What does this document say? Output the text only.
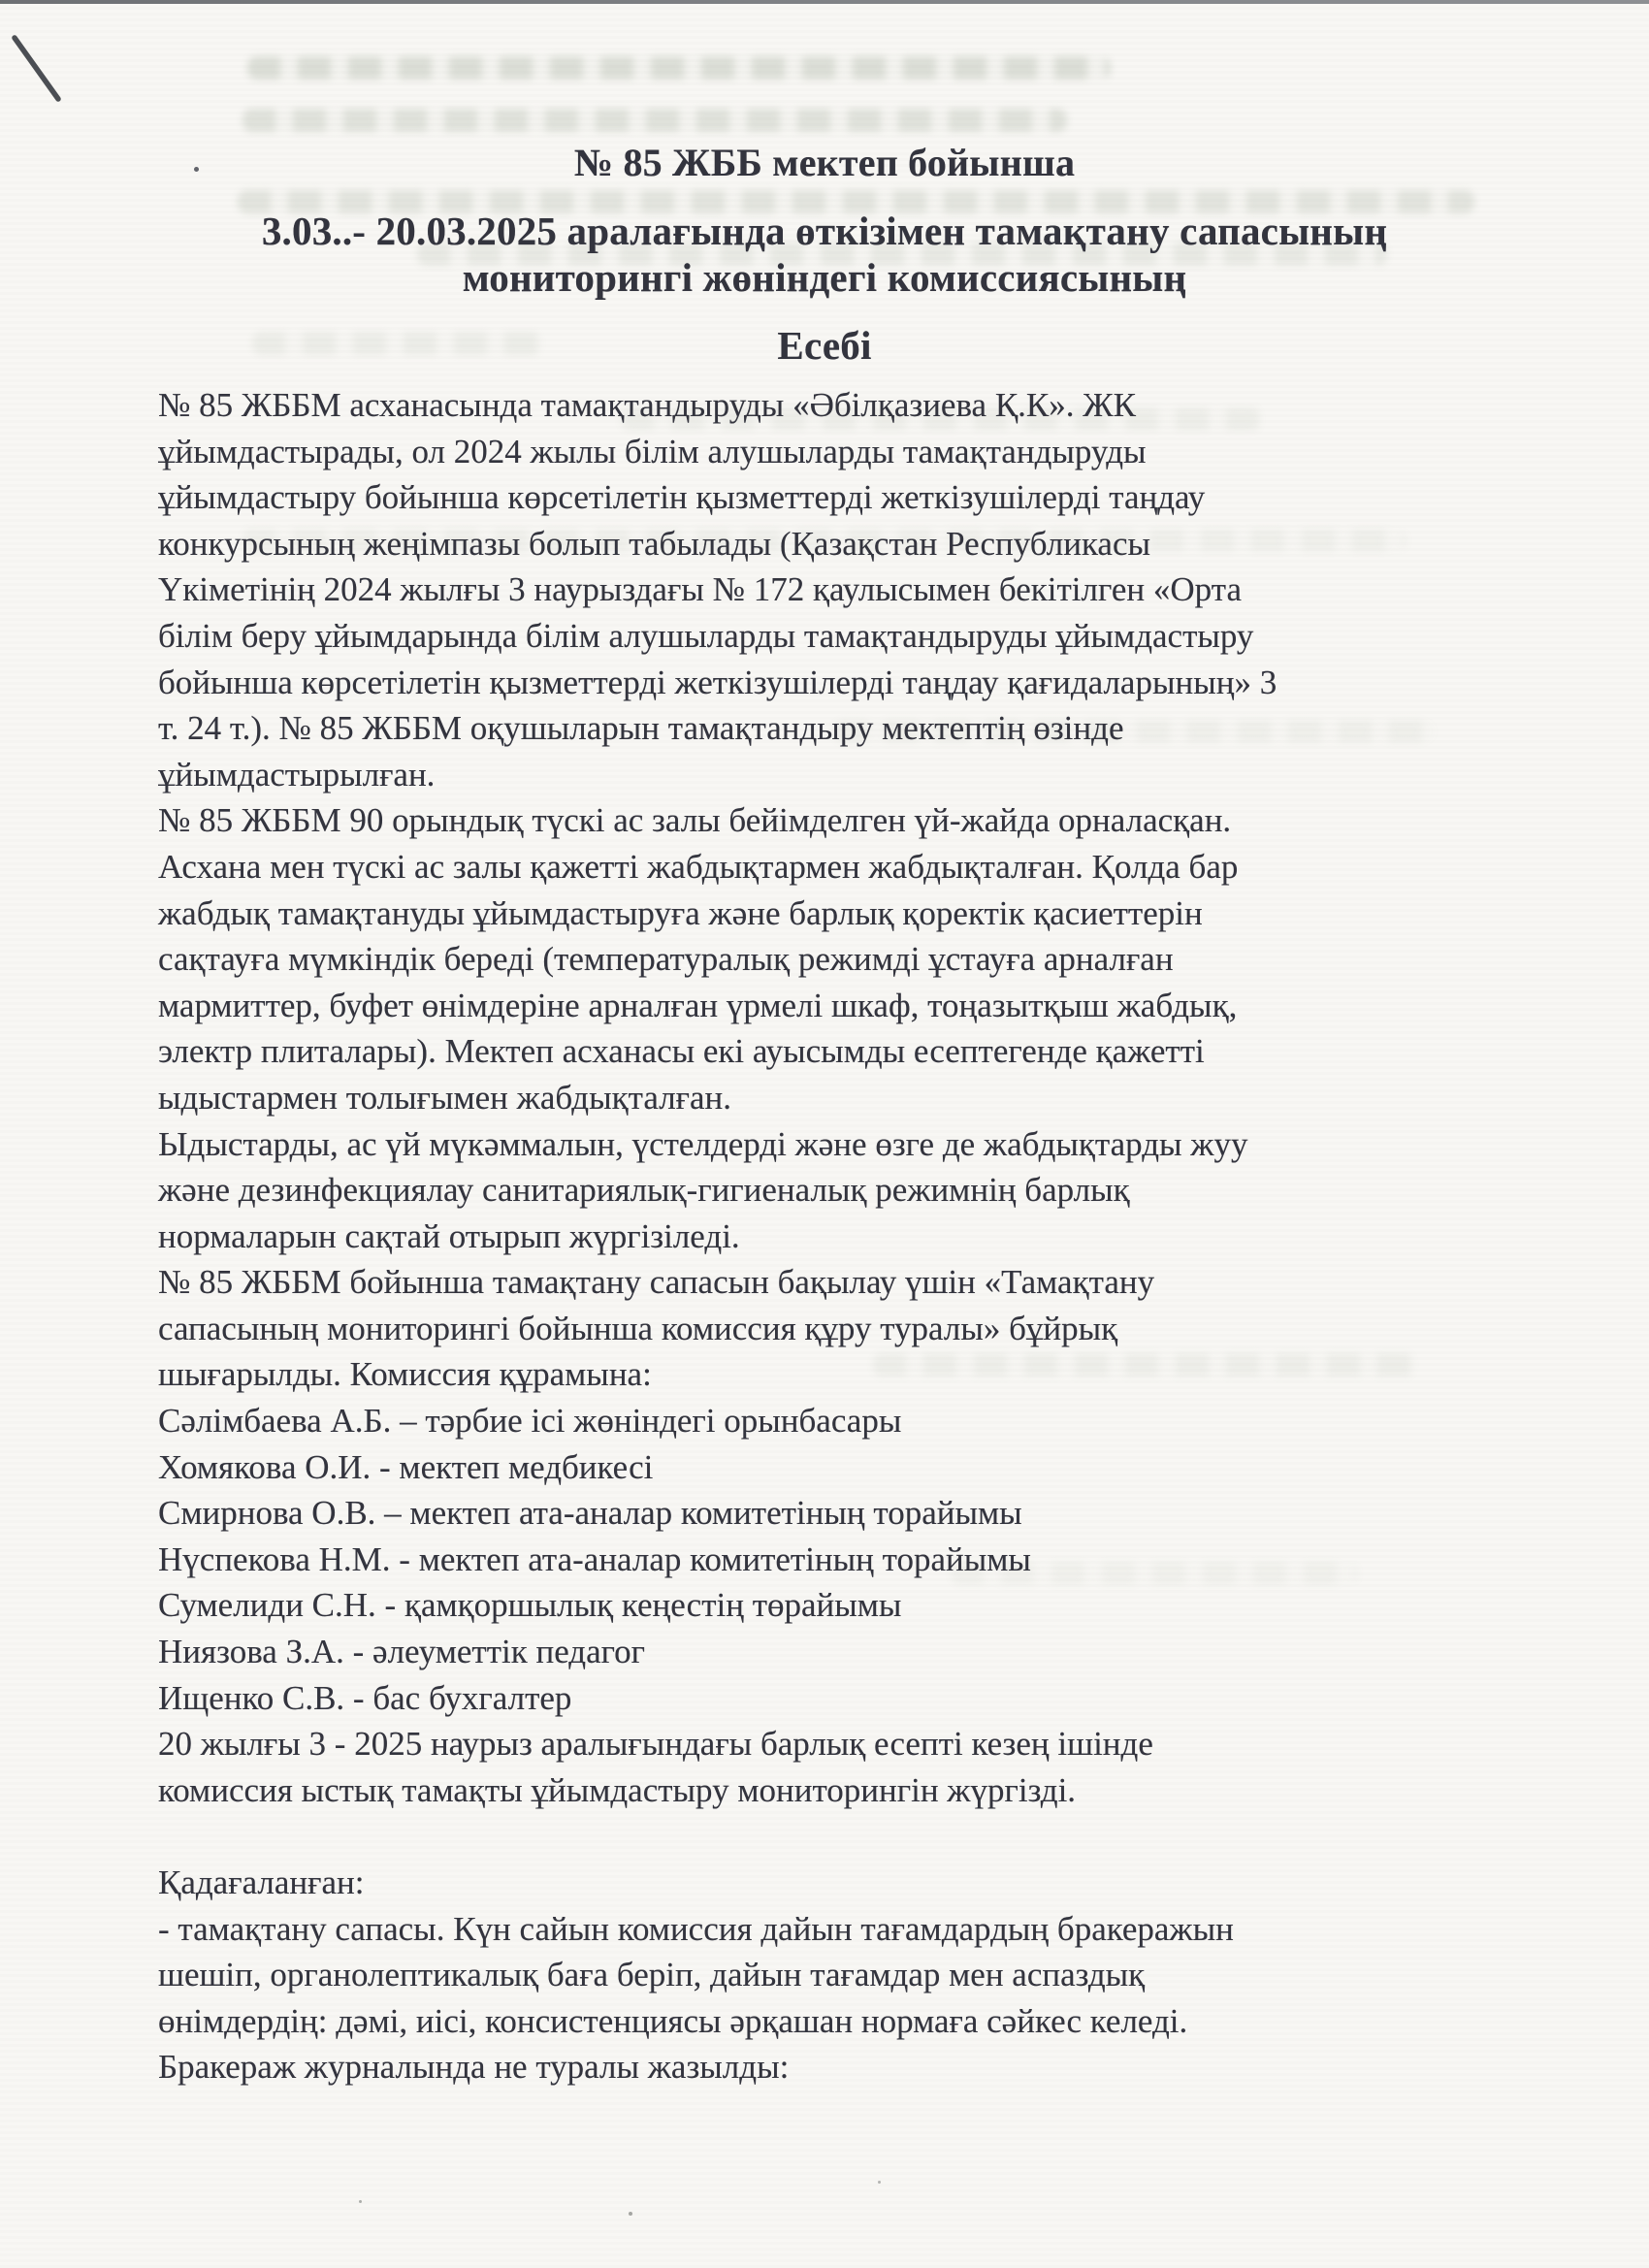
№ 85 ЖББ мектеп бойынша
3.03..- 20.03.2025 аралағында өткізімен тамақтану сапасының
мониторингі жөніндегі комиссиясының
Есебі
№ 85 ЖББМ асханасында тамақтандыруды «Әбілқазиева Қ.К». ЖК
ұйымдастырады, ол 2024 жылы білім алушыларды тамақтандыруды
ұйымдастыру бойынша көрсетілетін қызметтерді жеткізушілерді таңдау
конкурсының жеңімпазы болып табылады (Қазақстан Республикасы
Үкіметінің 2024 жылғы 3 наурыздағы № 172 қаулысымен бекітілген «Орта
білім беру ұйымдарында білім алушыларды тамақтандыруды ұйымдастыру
бойынша көрсетілетін қызметтерді жеткізушілерді таңдау қағидаларының» 3
т. 24 т.). № 85 ЖББМ оқушыларын тамақтандыру мектептің өзінде
ұйымдастырылған.
№ 85 ЖББМ 90 орындық түскі ас залы бейімделген үй-жайда орналасқан.
Асхана мен түскі ас залы қажетті жабдықтармен жабдықталған. Қолда бар
жабдық тамақтануды ұйымдастыруға және барлық қоректік қасиеттерін
сақтауға мүмкіндік береді (температуралық режимді ұстауға арналған
мармиттер, буфет өнімдеріне арналған үрмелі шкаф, тоңазытқыш жабдық,
электр плиталары). Мектеп асханасы екі ауысымды есептегенде қажетті
ыдыстармен толығымен жабдықталған.
Ыдыстарды, ас үй мүкәммалын, үстелдерді және өзге де жабдықтарды жуу
және дезинфекциялау санитариялық-гигиеналық режимнің барлық
нормаларын сақтай отырып жүргізіледі.
№ 85 ЖББМ бойынша тамақтану сапасын бақылау үшін «Тамақтану
сапасының мониторингі бойынша комиссия құру туралы» бұйрық
шығарылды. Комиссия құрамына:
Сәлімбаева А.Б. – тәрбие ісі жөніндегі орынбасары
Хомякова О.И. - мектеп медбикесі
Смирнова О.В. – мектеп ата-аналар комитетіның торайымы
Нүспекова Н.М. - мектеп ата-аналар комитетіның торайымы
Сумелиди С.Н. - қамқоршылық кеңестің төрайымы
Ниязова З.А. - әлеуметтік педагог
Ищенко С.В. - бас бухгалтер
20 жылғы 3 - 2025 наурыз аралығындағы барлық есепті кезең ішінде
комиссия ыстық тамақты ұйымдастыру мониторингін жүргізді.
Қадағаланған:
- тамақтану сапасы. Күн сайын комиссия дайын тағамдардың бракеражын
шешіп, органолептикалық баға беріп, дайын тағамдар мен аспаздық
өнімдердің: дәмі, иісі, консистенциясы әрқашан нормаға сәйкес келеді.
Бракераж журналында не туралы жазылды:
